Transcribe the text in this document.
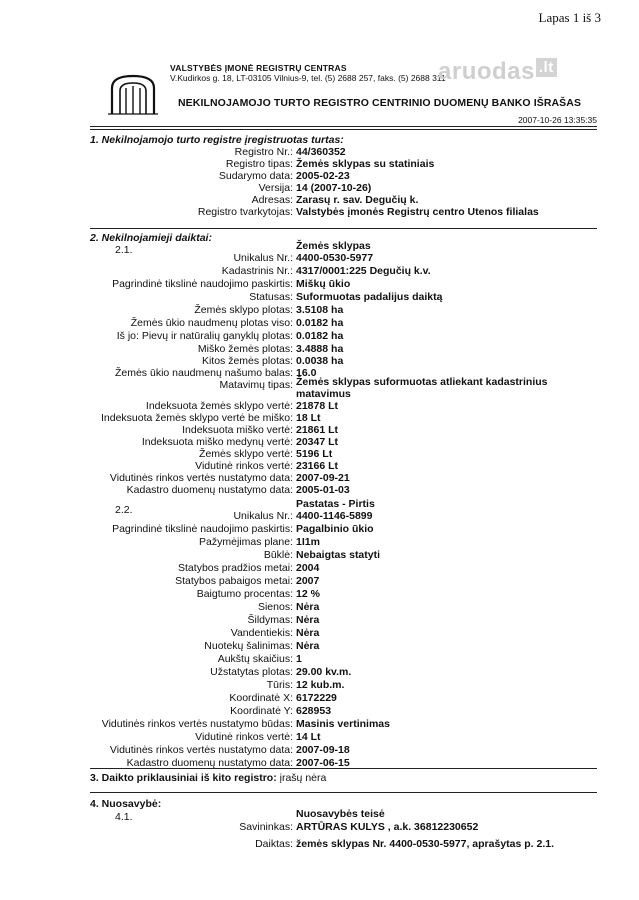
Lapas 1 iš 3
VALSTYBĖS ĮMONĖ REGISTRŲ CENTRAS
V.Kudirkos g. 18, LT-03105 Vilnius-9, tel. (5) 2688 257, faks. (5) 2688 311
aruodas .lt
NEKILNOJAMOJO TURTO REGISTRO CENTRINIO DUOMENŲ BANKO IŠRAŠAS
2007-10-26 13:35:35
1. Nekilnojamojo turto registre įregistruotas turtas:
Registro Nr.: 44/360352
Registro tipas: Žemės sklypas su statiniais
Sudarymo data: 2005-02-23
Versija: 14 (2007-10-26)
Adresas: Zarasų r. sav. Degučių k.
Registro tvarkytojas: Valstybės įmonės Registrų centro Utenos filialas
2. Nekilnojamieji daiktai:
2.1.	Žemės sklypas
Unikalus Nr.: 4400-0530-5977
Kadastrinis Nr.: 4317/0001:225 Degučių k.v.
Pagrindinė tikslinė naudojimo paskirtis: Miškų ūkio
Statusas: Suformuotas padalijus daiktą
Žemės sklypo plotas: 3.5108 ha
Žemės ūkio naudmenų plotas viso: 0.0182 ha
Iš jo: Pievų ir natūralių ganyklų plotas: 0.0182 ha
Miško žemės plotas: 3.4888 ha
Kitos žemės plotas: 0.0038 ha
Žemės ūkio naudmenų našumo balas: 16.0
Matavimų tipas: Žemės sklypas suformuotas atliekant kadastrinius matavimus
Indeksuota žemės sklypo vertė: 21878 Lt
Indeksuota žemės sklypo vertė be miško: 18 Lt
Indeksuota miško vertė: 21861 Lt
Indeksuota miško medynų vertė: 20347 Lt
Žemės sklypo vertė: 5196 Lt
Vidutinė rinkos vertė: 23166 Lt
Vidutinės rinkos vertės nustatymo data: 2007-09-21
Kadastro duomenų nustatymo data: 2005-01-03
2.2.	Pastatas - Pirtis
Unikalus Nr.: 4400-1146-5899
Pagrindinė tikslinė naudojimo paskirtis: Pagalbinio ūkio
Pažymėjimas plane: 1I1m
Būklė: Nebaigtas statyti
Statybos pradžios metai: 2004
Statybos pabaigos metai: 2007
Baigtumo procentas: 12 %
Sienos: Nėra
Šildymas: Nėra
Vandentiekis: Nėra
Nuotekų šalinimas: Nėra
Aukštų skaičius: 1
Užstatytas plotas: 29.00 kv.m.
Tūris: 12 kub.m.
Koordinatė X: 6172229
Koordinatė Y: 628953
Vidutinės rinkos vertės nustatymo būdas: Masinis vertinimas
Vidutinė rinkos vertė: 14 Lt
Vidutinės rinkos vertės nustatymo data: 2007-09-18
Kadastro duomenų nustatymo data: 2007-06-15
3. Daikto priklausiniai iš kito registro: įrašų nėra
4. Nuosavybė:
4.1.	Nuosavybės teisė
Savininkas: ARTŪRAS KULYS , a.k. 36812230652
Daiktas: žemės sklypas Nr. 4400-0530-5977, aprašytas p. 2.1.
